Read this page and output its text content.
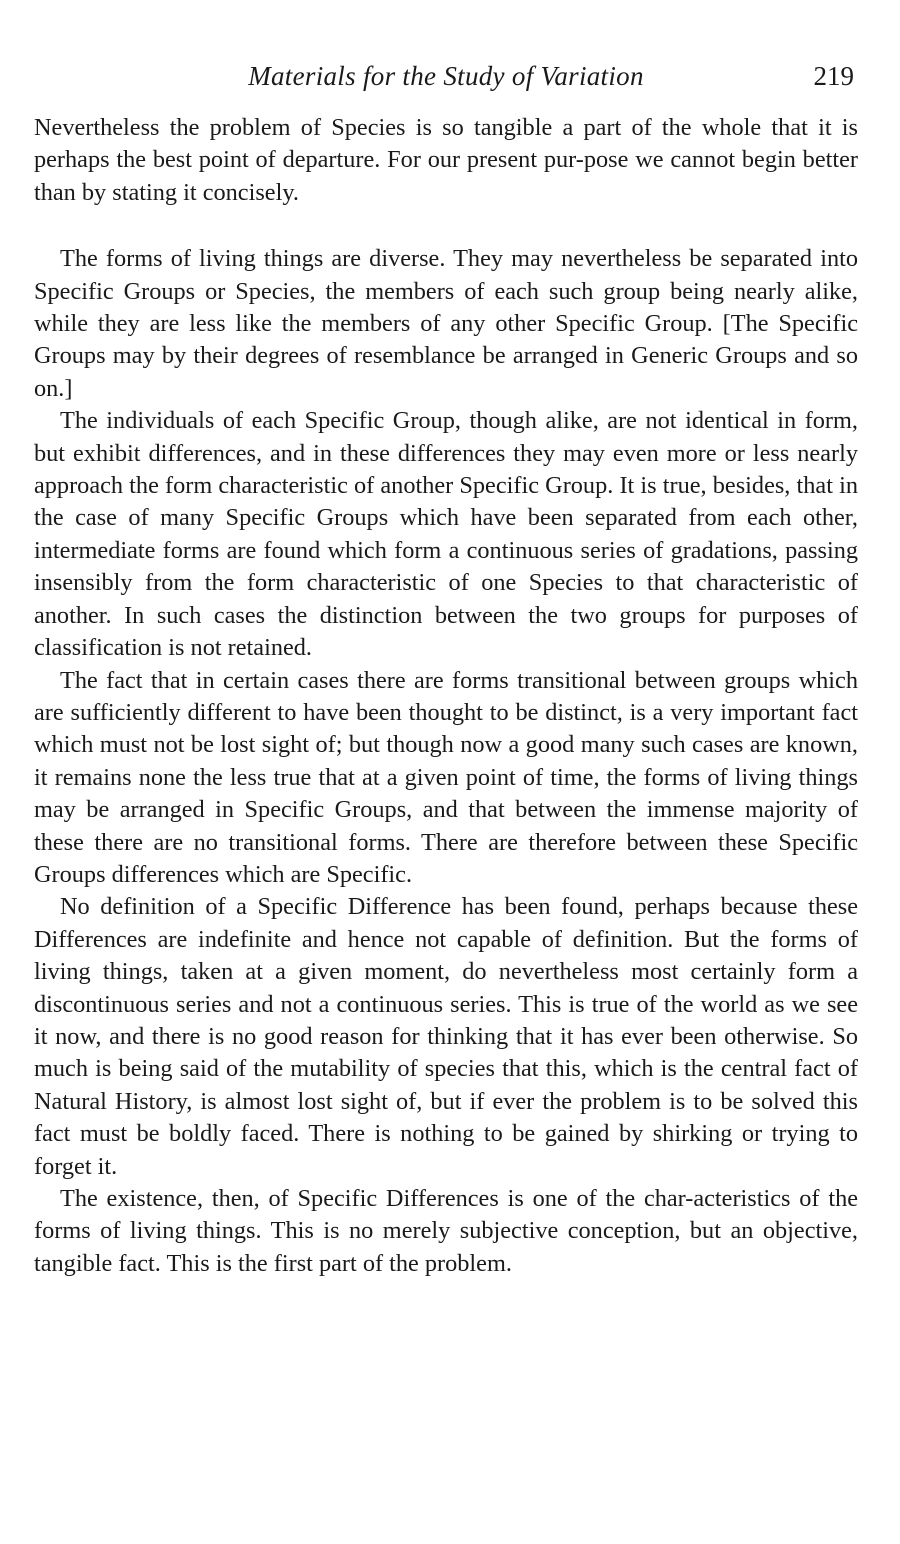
Materials for the Study of Variation	219

Nevertheless the problem of Species is so tangible a part of the whole that it is perhaps the best point of departure. For our present pur-pose we cannot begin better than by stating it concisely.

The forms of living things are diverse. They may nevertheless be separated into Specific Groups or Species, the members of each such group being nearly alike, while they are less like the members of any other Specific Group. [The Specific Groups may by their degrees of resemblance be arranged in Generic Groups and so on.]

The individuals of each Specific Group, though alike, are not identical in form, but exhibit differences, and in these differences they may even more or less nearly approach the form characteristic of another Specific Group. It is true, besides, that in the case of many Specific Groups which have been separated from each other, intermediate forms are found which form a continuous series of gradations, passing insensibly from the form characteristic of one Species to that characteristic of another. In such cases the distinction between the two groups for purposes of classification is not retained.

The fact that in certain cases there are forms transitional between groups which are sufficiently different to have been thought to be distinct, is a very important fact which must not be lost sight of; but though now a good many such cases are known, it remains none the less true that at a given point of time, the forms of living things may be arranged in Specific Groups, and that between the immense majority of these there are no transitional forms. There are therefore between these Specific Groups differences which are Specific.

No definition of a Specific Difference has been found, perhaps because these Differences are indefinite and hence not capable of definition. But the forms of living things, taken at a given moment, do nevertheless most certainly form a discontinuous series and not a continuous series. This is true of the world as we see it now, and there is no good reason for thinking that it has ever been otherwise. So much is being said of the mutability of species that this, which is the central fact of Natural History, is almost lost sight of, but if ever the problem is to be solved this fact must be boldly faced. There is nothing to be gained by shirking or trying to forget it.

The existence, then, of Specific Differences is one of the char-acteristics of the forms of living things. This is no merely subjective conception, but an objective, tangible fact. This is the first part of the problem.
